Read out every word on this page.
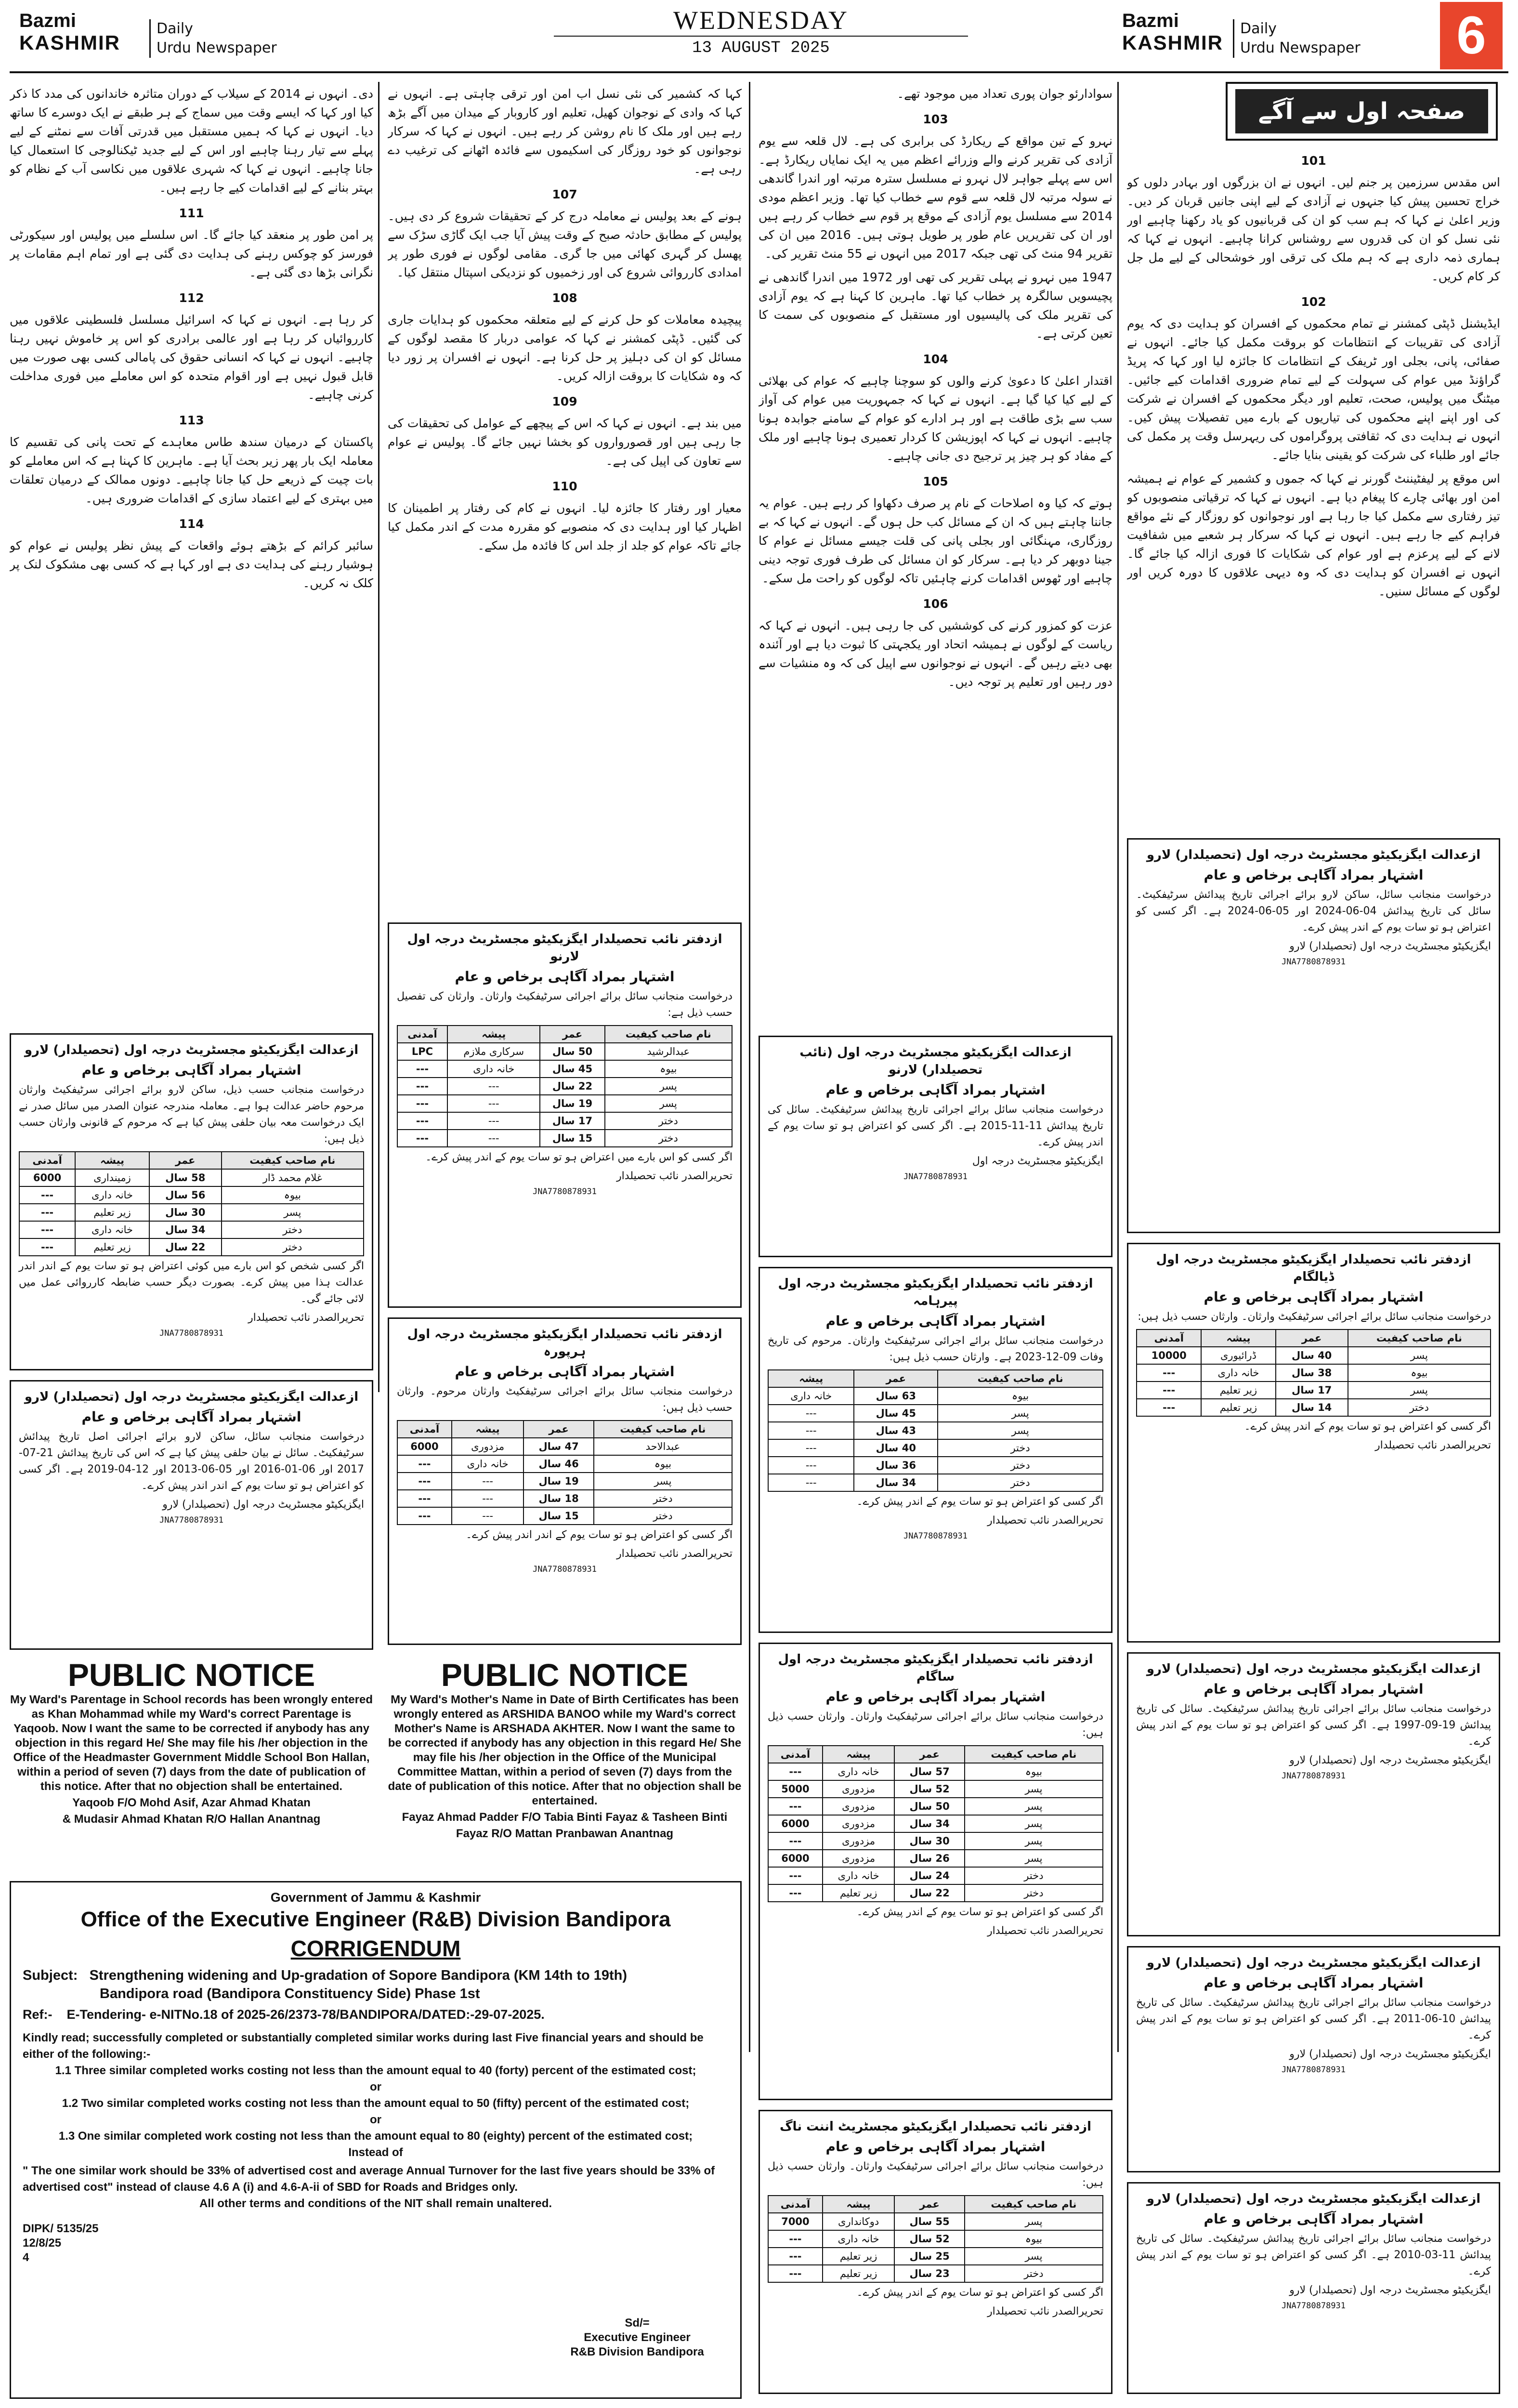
Bazmi
KASHMIR
Daily
Urdu Newspaper
WEDNESDAY
13 AUGUST 2025
Bazmi
KASHMIR
Daily
Urdu Newspaper	6
صفحہ اول سے آگے
101

اس مقدس سرزمین پر جنم لیں۔ انہوں نے ان بزرگوں اور بہادر دلوں کو خراج تحسین پیش کیا جنہوں نے آزادی کے لیے اپنی جانیں قربان کر دیں۔ وزیر اعلیٰ نے کہا کہ ہم سب کو ان کی قربانیوں کو یاد رکھنا چاہیے اور نئی نسل کو ان کی قدروں سے روشناس کرانا چاہیے۔ انہوں نے کہا کہ ہماری ذمہ داری ہے کہ ہم ملک کی ترقی اور خوشحالی کے لیے مل جل کر کام کریں۔

102

ایڈیشنل ڈپٹی کمشنر نے تمام محکموں کے افسران کو ہدایت دی کہ یوم آزادی کی تقریبات کے انتظامات کو بروقت مکمل کیا جائے۔ انہوں نے صفائی، پانی، بجلی اور ٹریفک کے انتظامات کا جائزہ لیا اور کہا کہ پریڈ گراؤنڈ میں عوام کی سہولت کے لیے تمام ضروری اقدامات کیے جائیں۔ میٹنگ میں پولیس، صحت، تعلیم اور دیگر محکموں کے افسران نے شرکت کی اور اپنے اپنے محکموں کی تیاریوں کے بارے میں تفصیلات پیش کیں۔ انہوں نے ہدایت دی کہ ثقافتی پروگراموں کی ریہرسل وقت پر مکمل کی جائے اور طلباء کی شرکت کو یقینی بنایا جائے۔

اس موقع پر لیفٹیننٹ گورنر نے کہا کہ جموں و کشمیر کے عوام نے ہمیشہ امن اور بھائی چارے کا پیغام دیا ہے۔ انہوں نے کہا کہ ترقیاتی منصوبوں کو تیز رفتاری سے مکمل کیا جا رہا ہے اور نوجوانوں کو روزگار کے نئے مواقع فراہم کیے جا رہے ہیں۔ انہوں نے کہا کہ سرکار ہر شعبے میں شفافیت لانے کے لیے پرعزم ہے اور عوام کی شکایات کا فوری ازالہ کیا جائے گا۔ انہوں نے افسران کو ہدایت دی کہ وہ دیہی علاقوں کا دورہ کریں اور لوگوں کے مسائل سنیں۔

سوادارئو جوان پوری تعداد میں موجود تھے۔

103

نہرو کے تین مواقع کے ریکارڈ کی برابری کی ہے۔ لال قلعہ سے یوم آزادی کی تقریر کرنے والے وزرائے اعظم میں یہ ایک نمایاں ریکارڈ ہے۔ اس سے پہلے جواہر لال نہرو نے مسلسل سترہ مرتبہ اور اندرا گاندھی نے سولہ مرتبہ لال قلعہ سے قوم سے خطاب کیا تھا۔ وزیر اعظم مودی 2014 سے مسلسل یوم آزادی کے موقع پر قوم سے خطاب کر رہے ہیں اور ان کی تقریریں عام طور پر طویل ہوتی ہیں۔ 2016 میں ان کی تقریر 94 منٹ کی تھی جبکہ 2017 میں انہوں نے 55 منٹ تقریر کی۔

1947 میں نہرو نے پہلی تقریر کی تھی اور 1972 میں اندرا گاندھی نے پچیسویں سالگرہ پر خطاب کیا تھا۔ ماہرین کا کہنا ہے کہ یوم آزادی کی تقریر ملک کی پالیسیوں اور مستقبل کے منصوبوں کی سمت کا تعین کرتی ہے۔

104

اقتدار اعلیٰ کا دعویٰ کرنے والوں کو سوچنا چاہیے کہ عوام کی بھلائی کے لیے کیا کیا گیا ہے۔ انہوں نے کہا کہ جمہوریت میں عوام کی آواز سب سے بڑی طاقت ہے اور ہر ادارے کو عوام کے سامنے جوابدہ ہونا چاہیے۔ انہوں نے کہا کہ اپوزیشن کا کردار تعمیری ہونا چاہیے اور ملک کے مفاد کو ہر چیز پر ترجیح دی جانی چاہیے۔

105

ہوتے کہ کیا وہ اصلاحات کے نام پر صرف دکھاوا کر رہے ہیں۔ عوام یہ جاننا چاہتے ہیں کہ ان کے مسائل کب حل ہوں گے۔ انہوں نے کہا کہ بے روزگاری، مہنگائی اور بجلی پانی کی قلت جیسے مسائل نے عوام کا جینا دوبھر کر دیا ہے۔ سرکار کو ان مسائل کی طرف فوری توجہ دینی چاہیے اور ٹھوس اقدامات کرنے چاہئیں تاکہ لوگوں کو راحت مل سکے۔

106

عزت کو کمزور کرنے کی کوششیں کی جا رہی ہیں۔ انہوں نے کہا کہ ریاست کے لوگوں نے ہمیشہ اتحاد اور یکجہتی کا ثبوت دیا ہے اور آئندہ بھی دیتے رہیں گے۔ انہوں نے نوجوانوں سے اپیل کی کہ وہ منشیات سے دور رہیں اور تعلیم پر توجہ دیں۔

کہا کہ کشمیر کی نئی نسل اب امن اور ترقی چاہتی ہے۔ انہوں نے کہا کہ وادی کے نوجوان کھیل، تعلیم اور کاروبار کے میدان میں آگے بڑھ رہے ہیں اور ملک کا نام روشن کر رہے ہیں۔ انہوں نے کہا کہ سرکار نوجوانوں کو خود روزگار کی اسکیموں سے فائدہ اٹھانے کی ترغیب دے رہی ہے۔

107

ہونے کے بعد پولیس نے معاملہ درج کر کے تحقیقات شروع کر دی ہیں۔ پولیس کے مطابق حادثہ صبح کے وقت پیش آیا جب ایک گاڑی سڑک سے پھسل کر گہری کھائی میں جا گری۔ مقامی لوگوں نے فوری طور پر امدادی کارروائی شروع کی اور زخمیوں کو نزدیکی اسپتال منتقل کیا۔

108

پیچیدہ معاملات کو حل کرنے کے لیے متعلقہ محکموں کو ہدایات جاری کی گئیں۔ ڈپٹی کمشنر نے کہا کہ عوامی دربار کا مقصد لوگوں کے مسائل کو ان کی دہلیز پر حل کرنا ہے۔ انہوں نے افسران پر زور دیا کہ وہ شکایات کا بروقت ازالہ کریں۔

109

میں بند ہے۔ انہوں نے کہا کہ اس کے پیچھے کے عوامل کی تحقیقات کی جا رہی ہیں اور قصورواروں کو بخشا نہیں جائے گا۔ پولیس نے عوام سے تعاون کی اپیل کی ہے۔

110

معیار اور رفتار کا جائزہ لیا۔ انہوں نے کام کی رفتار پر اطمینان کا اظہار کیا اور ہدایت دی کہ منصوبے کو مقررہ مدت کے اندر مکمل کیا جائے تاکہ عوام کو جلد از جلد اس کا فائدہ مل سکے۔

دی۔ انہوں نے 2014 کے سیلاب کے دوران متاثرہ خاندانوں کی مدد کا ذکر کیا اور کہا کہ ایسے وقت میں سماج کے ہر طبقے نے ایک دوسرے کا ساتھ دیا۔ انہوں نے کہا کہ ہمیں مستقبل میں قدرتی آفات سے نمٹنے کے لیے پہلے سے تیار رہنا چاہیے اور اس کے لیے جدید ٹیکنالوجی کا استعمال کیا جانا چاہیے۔ انہوں نے کہا کہ شہری علاقوں میں نکاسی آب کے نظام کو بہتر بنانے کے لیے اقدامات کیے جا رہے ہیں۔

111

پر امن طور پر منعقد کیا جائے گا۔ اس سلسلے میں پولیس اور سیکورٹی فورسز کو چوکس رہنے کی ہدایت دی گئی ہے اور تمام اہم مقامات پر نگرانی بڑھا دی گئی ہے۔

112

کر رہا ہے۔ انہوں نے کہا کہ اسرائیل مسلسل فلسطینی علاقوں میں کارروائیاں کر رہا ہے اور عالمی برادری کو اس پر خاموش نہیں رہنا چاہیے۔ انہوں نے کہا کہ انسانی حقوق کی پامالی کسی بھی صورت میں قابل قبول نہیں ہے اور اقوام متحدہ کو اس معاملے میں فوری مداخلت کرنی چاہیے۔

113

پاکستان کے درمیان سندھ طاس معاہدے کے تحت پانی کی تقسیم کا معاملہ ایک بار پھر زیر بحث آیا ہے۔ ماہرین کا کہنا ہے کہ اس معاملے کو بات چیت کے ذریعے حل کیا جانا چاہیے۔ دونوں ممالک کے درمیان تعلقات میں بہتری کے لیے اعتماد سازی کے اقدامات ضروری ہیں۔

114

سائبر کرائم کے بڑھتے ہوئے واقعات کے پیش نظر پولیس نے عوام کو ہوشیار رہنے کی ہدایت دی ہے اور کہا ہے کہ کسی بھی مشکوک لنک پر کلک نہ کریں۔

ازعدالت ایگزیکیٹو مجسٹریٹ درجہ اول (تحصیلدار) لارو
اشتہار بمراد آگاہی برخاص و عام
درخواست منجانب سائل، ساکن لارو برائے اجرائی تاریخ پیدائش سرٹیفکیٹ۔ سائل کی تاریخ پیدائش 04-06-2024 اور 05-06-2024 ہے۔ اگر کسی کو اعتراض ہو تو سات یوم کے اندر پیش کرے۔
ایگزیکیٹو مجسٹریٹ درجہ اول (تحصیلدار) لارو
JNA7780878931
ازدفتر نائب تحصیلدار ایگزیکیٹو مجسٹریٹ درجہ اول ڈیالگام
اشتہار بمراد آگاہی برخاص و عام
درخواست منجانب سائل برائے اجرائی سرٹیفکیٹ وارثان۔ وارثان حسب ذیل ہیں:
نام صاحب کیفیت	عمر	پیشہ	آمدنی
پسر	40 سال	ڈرائیوری	10000
بیوہ	38 سال	خانہ داری	---
پسر	17 سال	زیر تعلیم	---
دختر	14 سال	زیر تعلیم	---
اگر کسی کو اعتراض ہو تو سات یوم کے اندر پیش کرے۔
تحریرالصدر نائب تحصیلدار
ازعدالت ایگزیکیٹو مجسٹریٹ درجہ اول (تحصیلدار) لارو
اشتہار بمراد آگاہی برخاص و عام
درخواست منجانب سائل برائے اجرائی تاریخ پیدائش سرٹیفکیٹ۔ سائل کی تاریخ پیدائش 19-09-1997 ہے۔ اگر کسی کو اعتراض ہو تو سات یوم کے اندر پیش کرے۔
ایگزیکیٹو مجسٹریٹ درجہ اول (تحصیلدار) لارو
JNA7780878931
ازعدالت ایگزیکیٹو مجسٹریٹ درجہ اول (تحصیلدار) لارو
اشتہار بمراد آگاہی برخاص و عام
درخواست منجانب سائل برائے اجرائی تاریخ پیدائش سرٹیفکیٹ۔ سائل کی تاریخ پیدائش 10-06-2011 ہے۔ اگر کسی کو اعتراض ہو تو سات یوم کے اندر پیش کرے۔
ایگزیکیٹو مجسٹریٹ درجہ اول (تحصیلدار) لارو
JNA7780878931
ازعدالت ایگزیکیٹو مجسٹریٹ درجہ اول (تحصیلدار) لارو
اشتہار بمراد آگاہی برخاص و عام
درخواست منجانب سائل برائے اجرائی تاریخ پیدائش سرٹیفکیٹ۔ سائل کی تاریخ پیدائش 11-03-2010 ہے۔ اگر کسی کو اعتراض ہو تو سات یوم کے اندر پیش کرے۔
ایگزیکیٹو مجسٹریٹ درجہ اول (تحصیلدار) لارو
JNA7780878931
ازعدالت ایگزیکیٹو مجسٹریٹ درجہ اول (نائب تحصیلدار) لارنو
اشتہار بمراد آگاہی برخاص و عام
درخواست منجانب سائل برائے اجرائی تاریخ پیدائش سرٹیفکیٹ۔ سائل کی تاریخ پیدائش 11-11-2015 ہے۔ اگر کسی کو اعتراض ہو تو سات یوم کے اندر پیش کرے۔
ایگزیکیٹو مجسٹریٹ درجہ اول
JNA7780878931
ازدفتر نائب تحصیلدار ایگزیکیٹو مجسٹریٹ درجہ اول پیرہامہ
اشتہار بمراد آگاہی برخاص و عام
درخواست منجانب سائل برائے اجرائی سرٹیفکیٹ وارثان۔ مرحوم کی تاریخ وفات 09-12-2023 ہے۔ وارثان حسب ذیل ہیں:
نام صاحب کیفیت	عمر	پیشہ
بیوہ	63 سال	خانہ داری
پسر	45 سال	---
پسر	43 سال	---
دختر	40 سال	---
دختر	36 سال	---
دختر	34 سال	---
اگر کسی کو اعتراض ہو تو سات یوم کے اندر پیش کرے۔
تحریرالصدر نائب تحصیلدار
JNA7780878931
ازدفتر نائب تحصیلدار ایگزیکیٹو مجسٹریٹ درجہ اول ساگام
اشتہار بمراد آگاہی برخاص و عام
درخواست منجانب سائل برائے اجرائی سرٹیفکیٹ وارثان۔ وارثان حسب ذیل ہیں:
نام صاحب کیفیت	عمر	پیشہ	آمدنی
بیوہ	57 سال	خانہ داری	---
پسر	52 سال	مزدوری	5000
پسر	50 سال	مزدوری	---
پسر	34 سال	مزدوری	6000
پسر	30 سال	مزدوری	---
پسر	26 سال	مزدوری	6000
دختر	24 سال	خانہ داری	---
دختر	22 سال	زیر تعلیم	---
اگر کسی کو اعتراض ہو تو سات یوم کے اندر پیش کرے۔
تحریرالصدر نائب تحصیلدار
ازدفتر نائب تحصیلدار ایگزیکیٹو مجسٹریٹ اننت ناگ
اشتہار بمراد آگاہی برخاص و عام
درخواست منجانب سائل برائے اجرائی سرٹیفکیٹ وارثان۔ وارثان حسب ذیل ہیں:
نام صاحب کیفیت	عمر	پیشہ	آمدنی
پسر	55 سال	دوکانداری	7000
بیوہ	52 سال	خانہ داری	---
پسر	25 سال	زیر تعلیم	---
دختر	23 سال	زیر تعلیم	---
اگر کسی کو اعتراض ہو تو سات یوم کے اندر پیش کرے۔
تحریرالصدر نائب تحصیلدار
ازدفتر نائب تحصیلدار ایگزیکیٹو مجسٹریٹ درجہ اول لارنو
اشتہار بمراد آگاہی برخاص و عام
درخواست منجانب سائل برائے اجرائی سرٹیفکیٹ وارثان۔ وارثان کی تفصیل حسب ذیل ہے:
نام صاحب کیفیت	عمر	پیشہ	آمدنی
عبدالرشید	50 سال	سرکاری ملازم	LPC
بیوہ	45 سال	خانہ داری	---
پسر	22 سال	---	---
پسر	19 سال	---	---
دختر	17 سال	---	---
دختر	15 سال	---	---
اگر کسی کو اس بارے میں اعتراض ہو تو سات یوم کے اندر پیش کرے۔
تحریرالصدر نائب تحصیلدار
JNA7780878931
ازدفتر نائب تحصیلدار ایگزیکیٹو مجسٹریٹ درجہ اول ہرپورہ
اشتہار بمراد آگاہی برخاص و عام
درخواست منجانب سائل برائے اجرائی سرٹیفکیٹ وارثان مرحوم۔ وارثان حسب ذیل ہیں:
نام صاحب کیفیت	عمر	پیشہ	آمدنی
عبدالاحد	47 سال	مزدوری	6000
بیوہ	46 سال	خانہ داری	---
پسر	19 سال	---	---
دختر	18 سال	---	---
دختر	15 سال	---	---
اگر کسی کو اعتراض ہو تو سات یوم کے اندر اندر پیش کرے۔
تحریرالصدر نائب تحصیلدار
JNA7780878931
ازعدالت ایگزیکیٹو مجسٹریٹ درجہ اول (تحصیلدار) لارو
اشتہار بمراد آگاہی برخاص و عام
درخواست منجانب حسب ذیل، ساکن لارو برائے اجرائی سرٹیفکیٹ وارثان مرحوم حاضر عدالت ہوا ہے۔ معاملہ مندرجہ عنوان الصدر میں سائل صدر نے ایک درخواست معہ بیان حلفی پیش کیا ہے کہ مرحوم کے قانونی وارثان حسب ذیل ہیں:
نام صاحب کیفیت	عمر	پیشہ	آمدنی
غلام محمد ڈار	58 سال	زمینداری	6000
بیوہ	56 سال	خانہ داری	---
پسر	30 سال	زیر تعلیم	---
دختر	34 سال	خانہ داری	---
دختر	22 سال	زیر تعلیم	---
اگر کسی شخص کو اس بارے میں کوئی اعتراض ہو تو سات یوم کے اندر اندر عدالت ہذا میں پیش کرے۔ بصورت دیگر حسب ضابطہ کارروائی عمل میں لائی جائے گی۔
تحریرالصدر نائب تحصیلدار
JNA7780878931
ازعدالت ایگزیکیٹو مجسٹریٹ درجہ اول (تحصیلدار) لارو
اشتہار بمراد آگاہی برخاص و عام
درخواست منجانب سائل، ساکن لارو برائے اجرائی اصل تاریخ پیدائش سرٹیفکیٹ۔ سائل نے بیان حلفی پیش کیا ہے کہ اس کی تاریخ پیدائش 21-07-2017 اور 06-01-2016 اور 05-06-2013 اور 12-04-2019 ہے۔ اگر کسی کو اعتراض ہو تو سات یوم کے اندر اندر پیش کرے۔
ایگزیکیٹو مجسٹریٹ درجہ اول (تحصیلدار) لارو
JNA7780878931
PUBLIC NOTICE
My Ward's Parentage in School records has been wrongly entered as Khan Mohammad while my Ward's correct Parentage is Yaqoob. Now I want the same to be corrected if anybody has any objection in this regard He/ She may file his /her objection in the Office of the Headmaster Government Middle School Bon Hallan, within a period of seven (7) days from the date of publication of this notice. After that no objection shall be entertained.
Yaqoob F/O Mohd Asif, Azar Ahmad Khatan
& Mudasir Ahmad Khatan R/O Hallan Anantnag
PUBLIC NOTICE
My Ward's Mother's Name in Date of Birth Certificates has been wrongly entered as ARSHIDA BANOO while my Ward's correct Mother's Name is ARSHADA AKHTER. Now I want the same to be corrected if anybody has any objection in this regard He/ She may file his /her objection in the Office of the Municipal Committee Mattan, within a period of seven (7) days from the date of publication of this notice. After that no objection shall be entertained.
Fayaz Ahmad Padder F/O Tabia Binti Fayaz & Tasheen Binti
Fayaz R/O Mattan Pranbawan Anantnag
Government of Jammu & Kashmir
Office of the Executive Engineer (R&B) Division Bandipora
CORRIGENDUM
Subject: Strengthening widening and Up-gradation of Sopore Bandipora (KM 14th to 19th)
Bandipora road (Bandipora Constituency Side) Phase 1st
Ref:- E-Tendering- e-NITNo.18 of 2025-26/2373-78/BANDIPORA/DATED:-29-07-2025.
Kindly read; successfully completed or substantially completed similar works during last Five financial years and should be either of the following:-
1.1 Three similar completed works costing not less than the amount equal to 40 (forty) percent of the estimated cost;
or
1.2 Two similar completed works costing not less than the amount equal to 50 (fifty) percent of the estimated cost;
or
1.3 One similar completed work costing not less than the amount equal to 80 (eighty) percent of the estimated cost;
Instead of
" The one similar work should be 33% of advertised cost and average Annual Turnover for the last five years should be 33% of advertised cost" instead of clause 4.6 A (i) and 4.6-A-ii of SBD for Roads and Bridges only.
All other terms and conditions of the NIT shall remain unaltered.
DIPK/ 5135/25
12/8/25
4
Sd/=
Executive Engineer
R&B Division Bandipora
